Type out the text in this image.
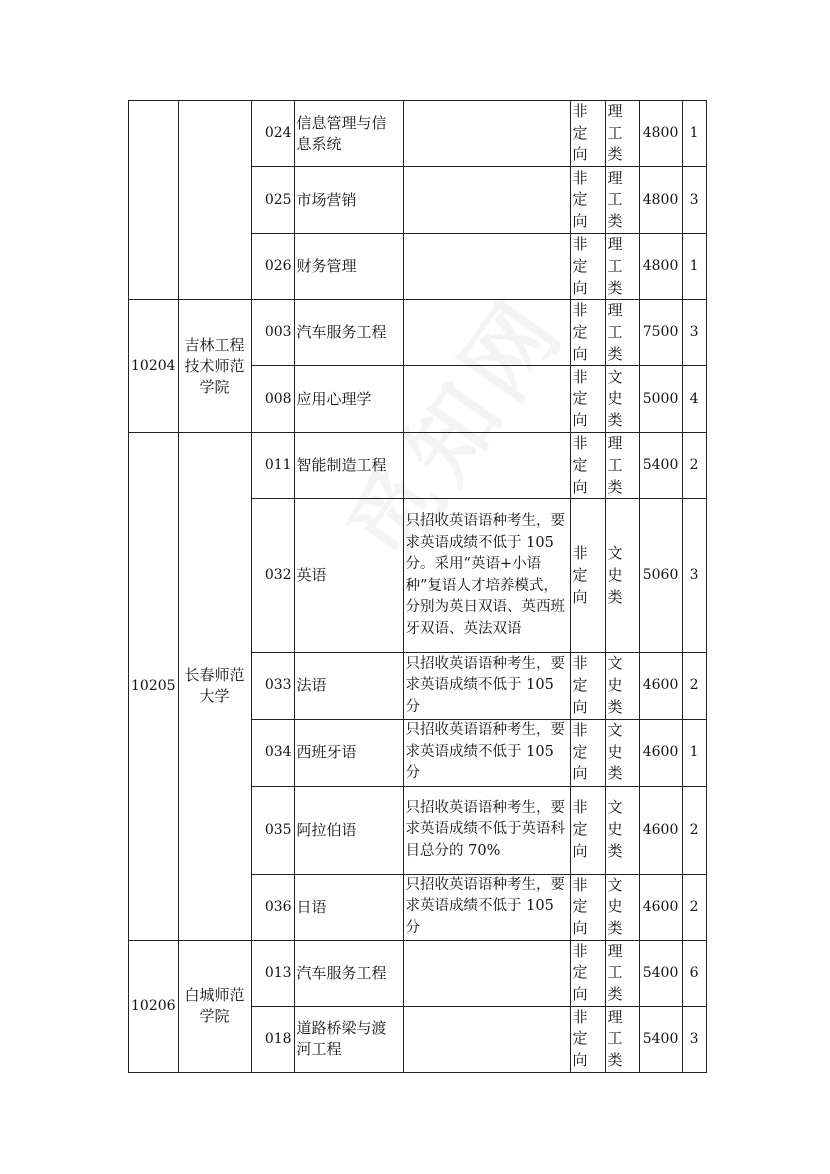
		024	信息管理与信息系统		非定向	理工类	4800	1
		025	市场营销		非定向	理工类	4800	3
		026	财务管理		非定向	理工类	4800	1
10204	吉林工程技术师范学院	003	汽车服务工程		非定向	理工类	7500	3
		008	应用心理学		非定向	文史类	5000	4
10205	长春师范大学	011	智能制造工程		非定向	理工类	5400	2
		032	英语	只招收英语语种考生，要求英语成绩不低于 105 分。采用“英语+小语种”复语人才培养模式，分别为英日双语、英西班牙双语、英法双语	非定向	文史类	5060	3
		033	法语	只招收英语语种考生，要求英语成绩不低于 105 分	非定向	文史类	4600	2
		034	西班牙语	只招收英语语种考生，要求英语成绩不低于 105 分	非定向	文史类	4600	1
		035	阿拉伯语	只招收英语语种考生，要求英语成绩不低于英语科目总分的 70%	非定向	文史类	4600	2
		036	日语	只招收英语语种考生，要求英语成绩不低于 105 分	非定向	文史类	4600	2
10206	白城师范学院	013	汽车服务工程		非定向	理工类	5400	6
		018	道路桥梁与渡河工程		非定向	理工类	5400	3
